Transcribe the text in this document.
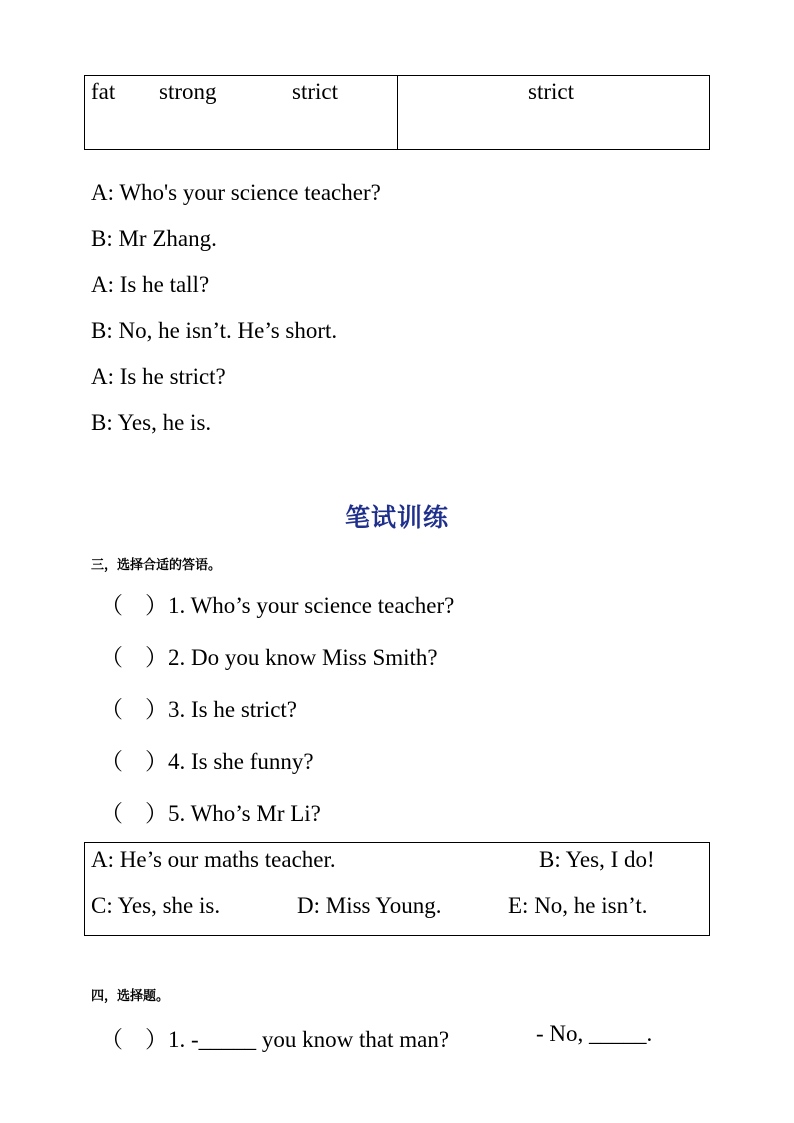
fat strong	strict	strict
A: Who's your science teacher?
B: Mr Zhang.
A: Is he tall?
B: No, he isn’t. He’s short.
A: Is he strict?
B: Yes, he is.
笔试训练
三，选择合适的答语。
（ ）1. Who’s your science teacher?
（ ）2. Do you know Miss Smith?
（ ）3. Is he strict?
（ ）4. Is she funny?
（ ）5. Who’s Mr Li?
A: He’s our maths teacher.	B: Yes, I do!
C: Yes, she is.	D: Miss Young.	E: No, he isn’t.
四，选择题。
（ ）1. -_____ you know that man?	- No, _____.
